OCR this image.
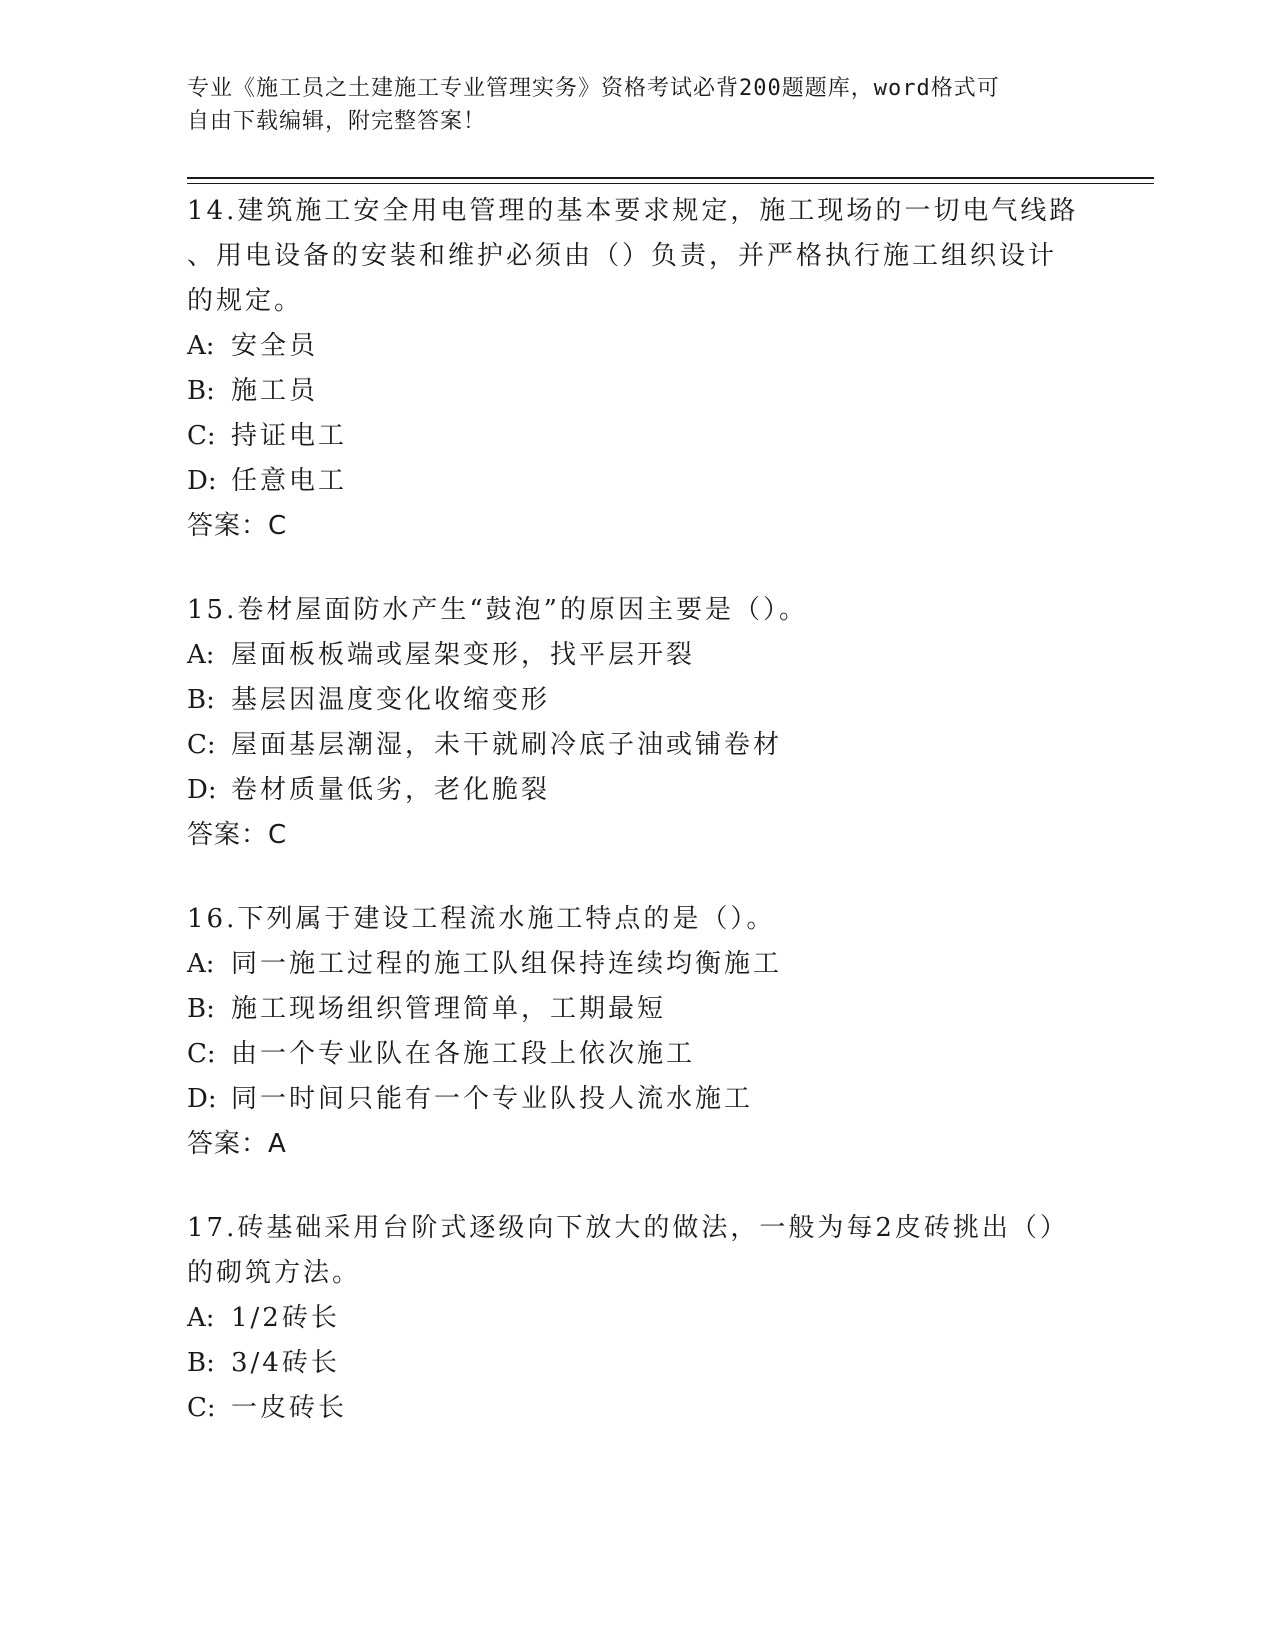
专业《施工员之土建施工专业管理实务》资格考试必背200题题库，word格式可
自由下载编辑，附完整答案！

14.建筑施工安全用电管理的基本要求规定，施工现场的一切电气线路

、用电设备的安装和维护必须由（）负责，并严格执行施工组织设计

的规定。

A: 安全员

B: 施工员

C: 持证电工

D: 任意电工

答案：C

15.卷材屋面防水产生“鼓泡”的原因主要是（）。

A: 屋面板板端或屋架变形，找平层开裂

B: 基层因温度变化收缩变形

C: 屋面基层潮湿，未干就刷冷底子油或铺卷材

D: 卷材质量低劣，老化脆裂

答案：C

16.下列属于建设工程流水施工特点的是（）。

A: 同一施工过程的施工队组保持连续均衡施工

B: 施工现场组织管理简单，工期最短

C: 由一个专业队在各施工段上依次施工

D: 同一时间只能有一个专业队投人流水施工

答案：A

17.砖基础采用台阶式逐级向下放大的做法，一般为每2皮砖挑出（）

的砌筑方法。

A: 1/2砖长

B: 3/4砖长

C: 一皮砖长
